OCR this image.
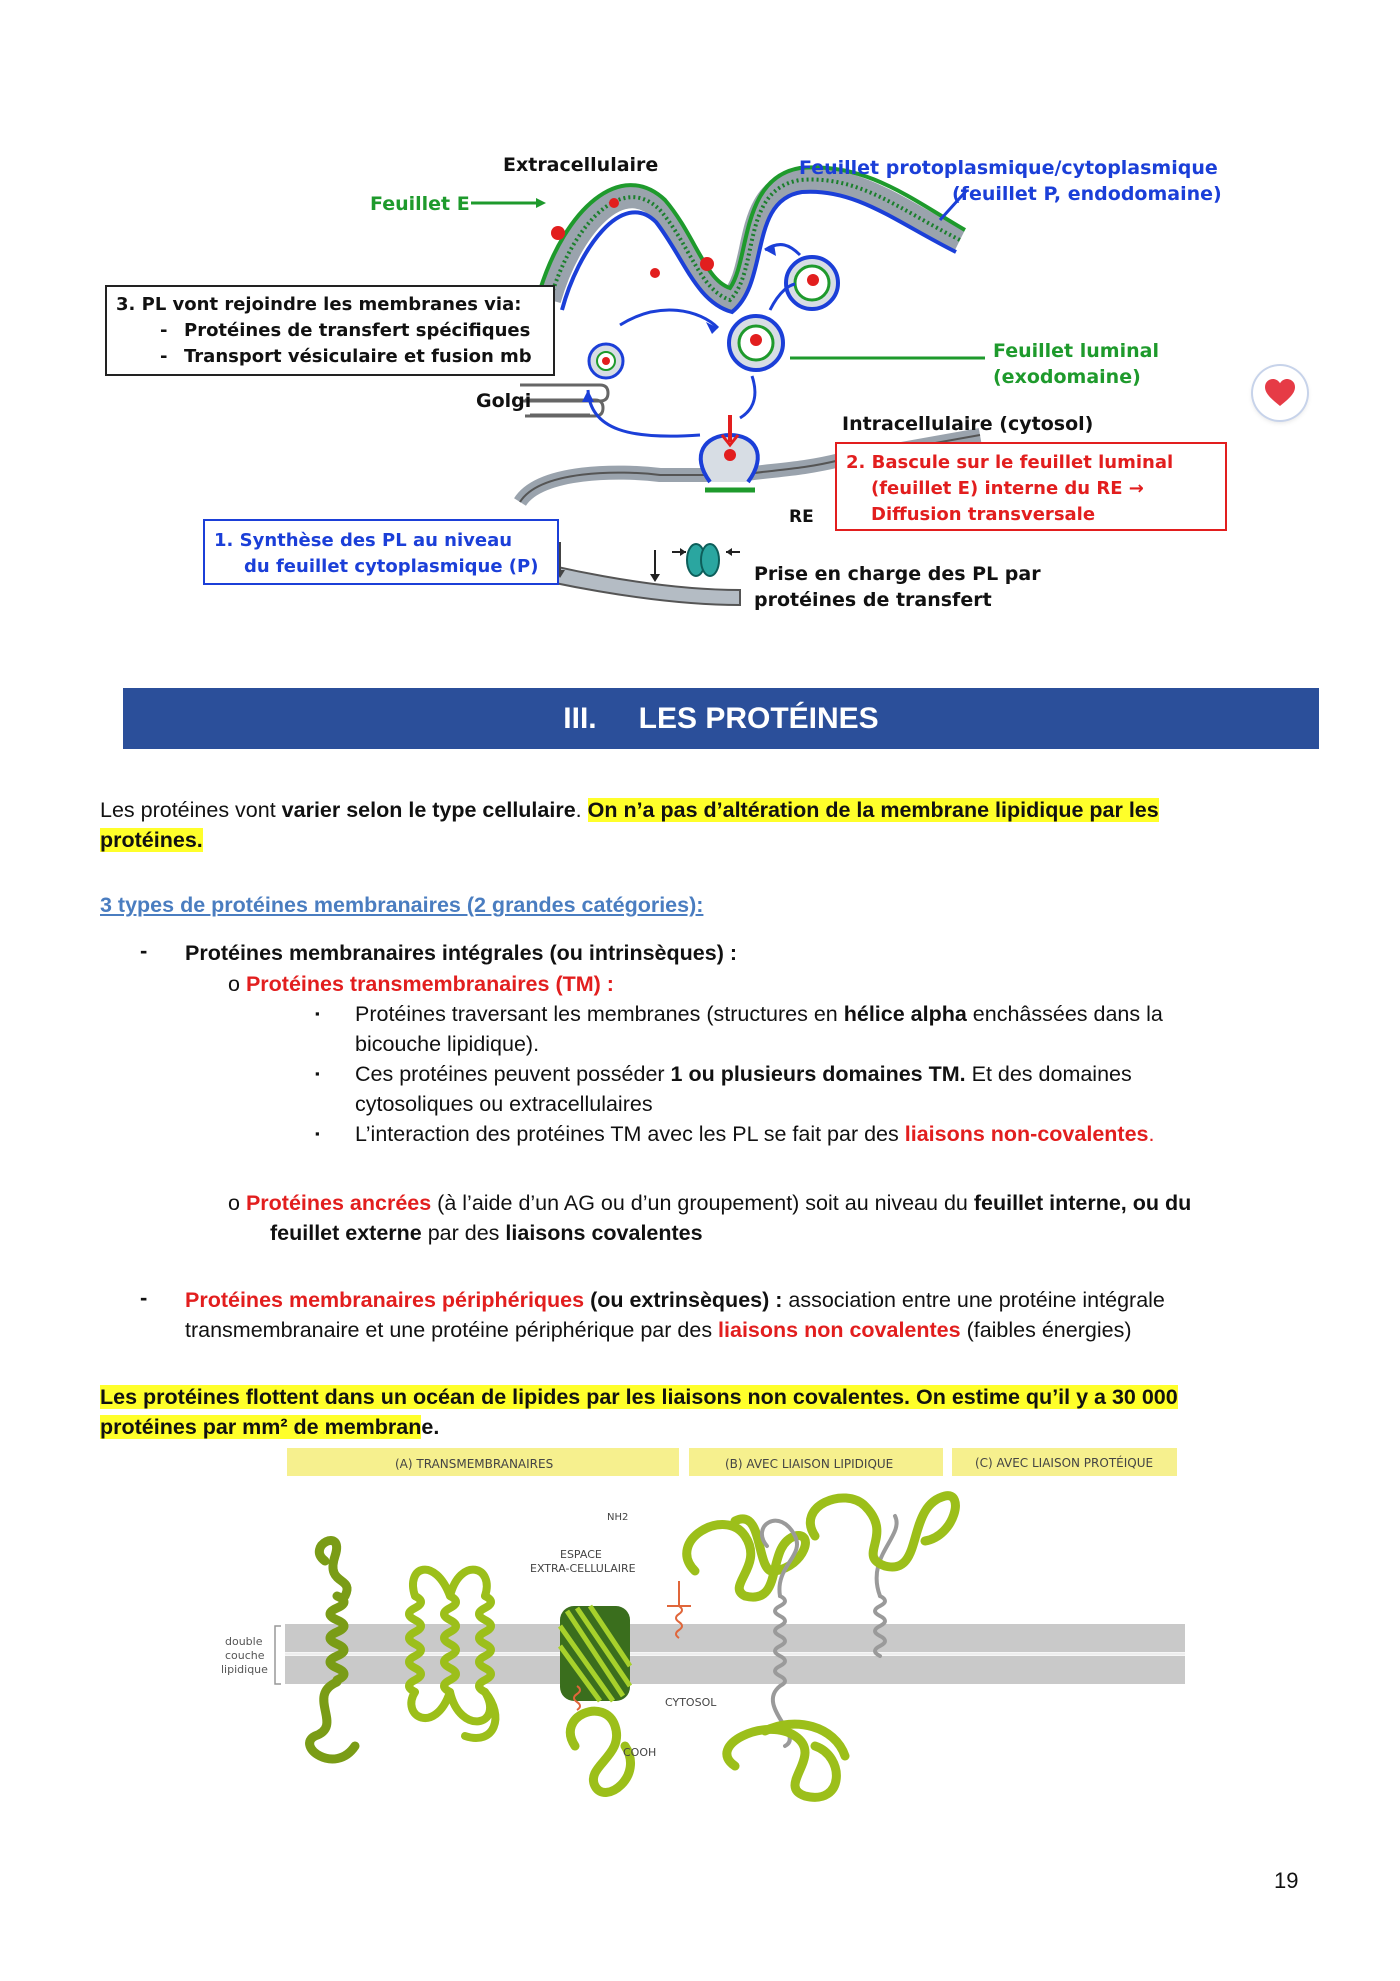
Extracellulaire
Feuillet E
Feuillet protoplasmique/cytoplasmique
(feuillet P, endodomaine)
3. PL vont rejoindre les membranes via:
- Protéines de transfert spécifiques
- Transport vésiculaire et fusion mb
Golgi
Feuillet luminal
(exodomaine)
Intracellulaire (cytosol)
2. Bascule sur le feuillet luminal
(feuillet E) interne du RE →
Diffusion transversale
RE
1. Synthèse des PL au niveau
du feuillet cytoplasmique (P)	Prise en charge des PL par
protéines de transfert
III. LES PROTÉINES
Les protéines vont varier selon le type cellulaire. On n’a pas d’altération de la membrane lipidique par les
protéines.
3 types de protéines membranaires (2 grandes catégories):
- Protéines membranaires intégrales (ou intrinsèques) :
o Protéines transmembranaires (TM) :
▪ Protéines traversant les membranes (structures en hélice alpha enchâssées dans la
bicouche lipidique).
▪ Ces protéines peuvent posséder 1 ou plusieurs domaines TM. Et des domaines
cytosoliques ou extracellulaires
▪ L’interaction des protéines TM avec les PL se fait par des liaisons non-covalentes.
o Protéines ancrées (à l’aide d’un AG ou d’un groupement) soit au niveau du feuillet interne, ou du
feuillet externe par des liaisons covalentes
- Protéines membranaires périphériques (ou extrinsèques) : association entre une protéine intégrale
transmembranaire et une protéine périphérique par des liaisons non covalentes (faibles énergies)
Les protéines flottent dans un océan de lipides par les liaisons non covalentes. On estime qu’il y a 30 000
protéines par mm² de membrane.
(A) TRANSMEMBRANAIRES	(B) AVEC LIAISON LIPIDIQUE	(C) AVEC LIAISON PROTÉIQUE
double
couche
lipidique
NH2
ESPACE
EXTRA-CELLULAIRE
CYTOSOL
COOH
19
